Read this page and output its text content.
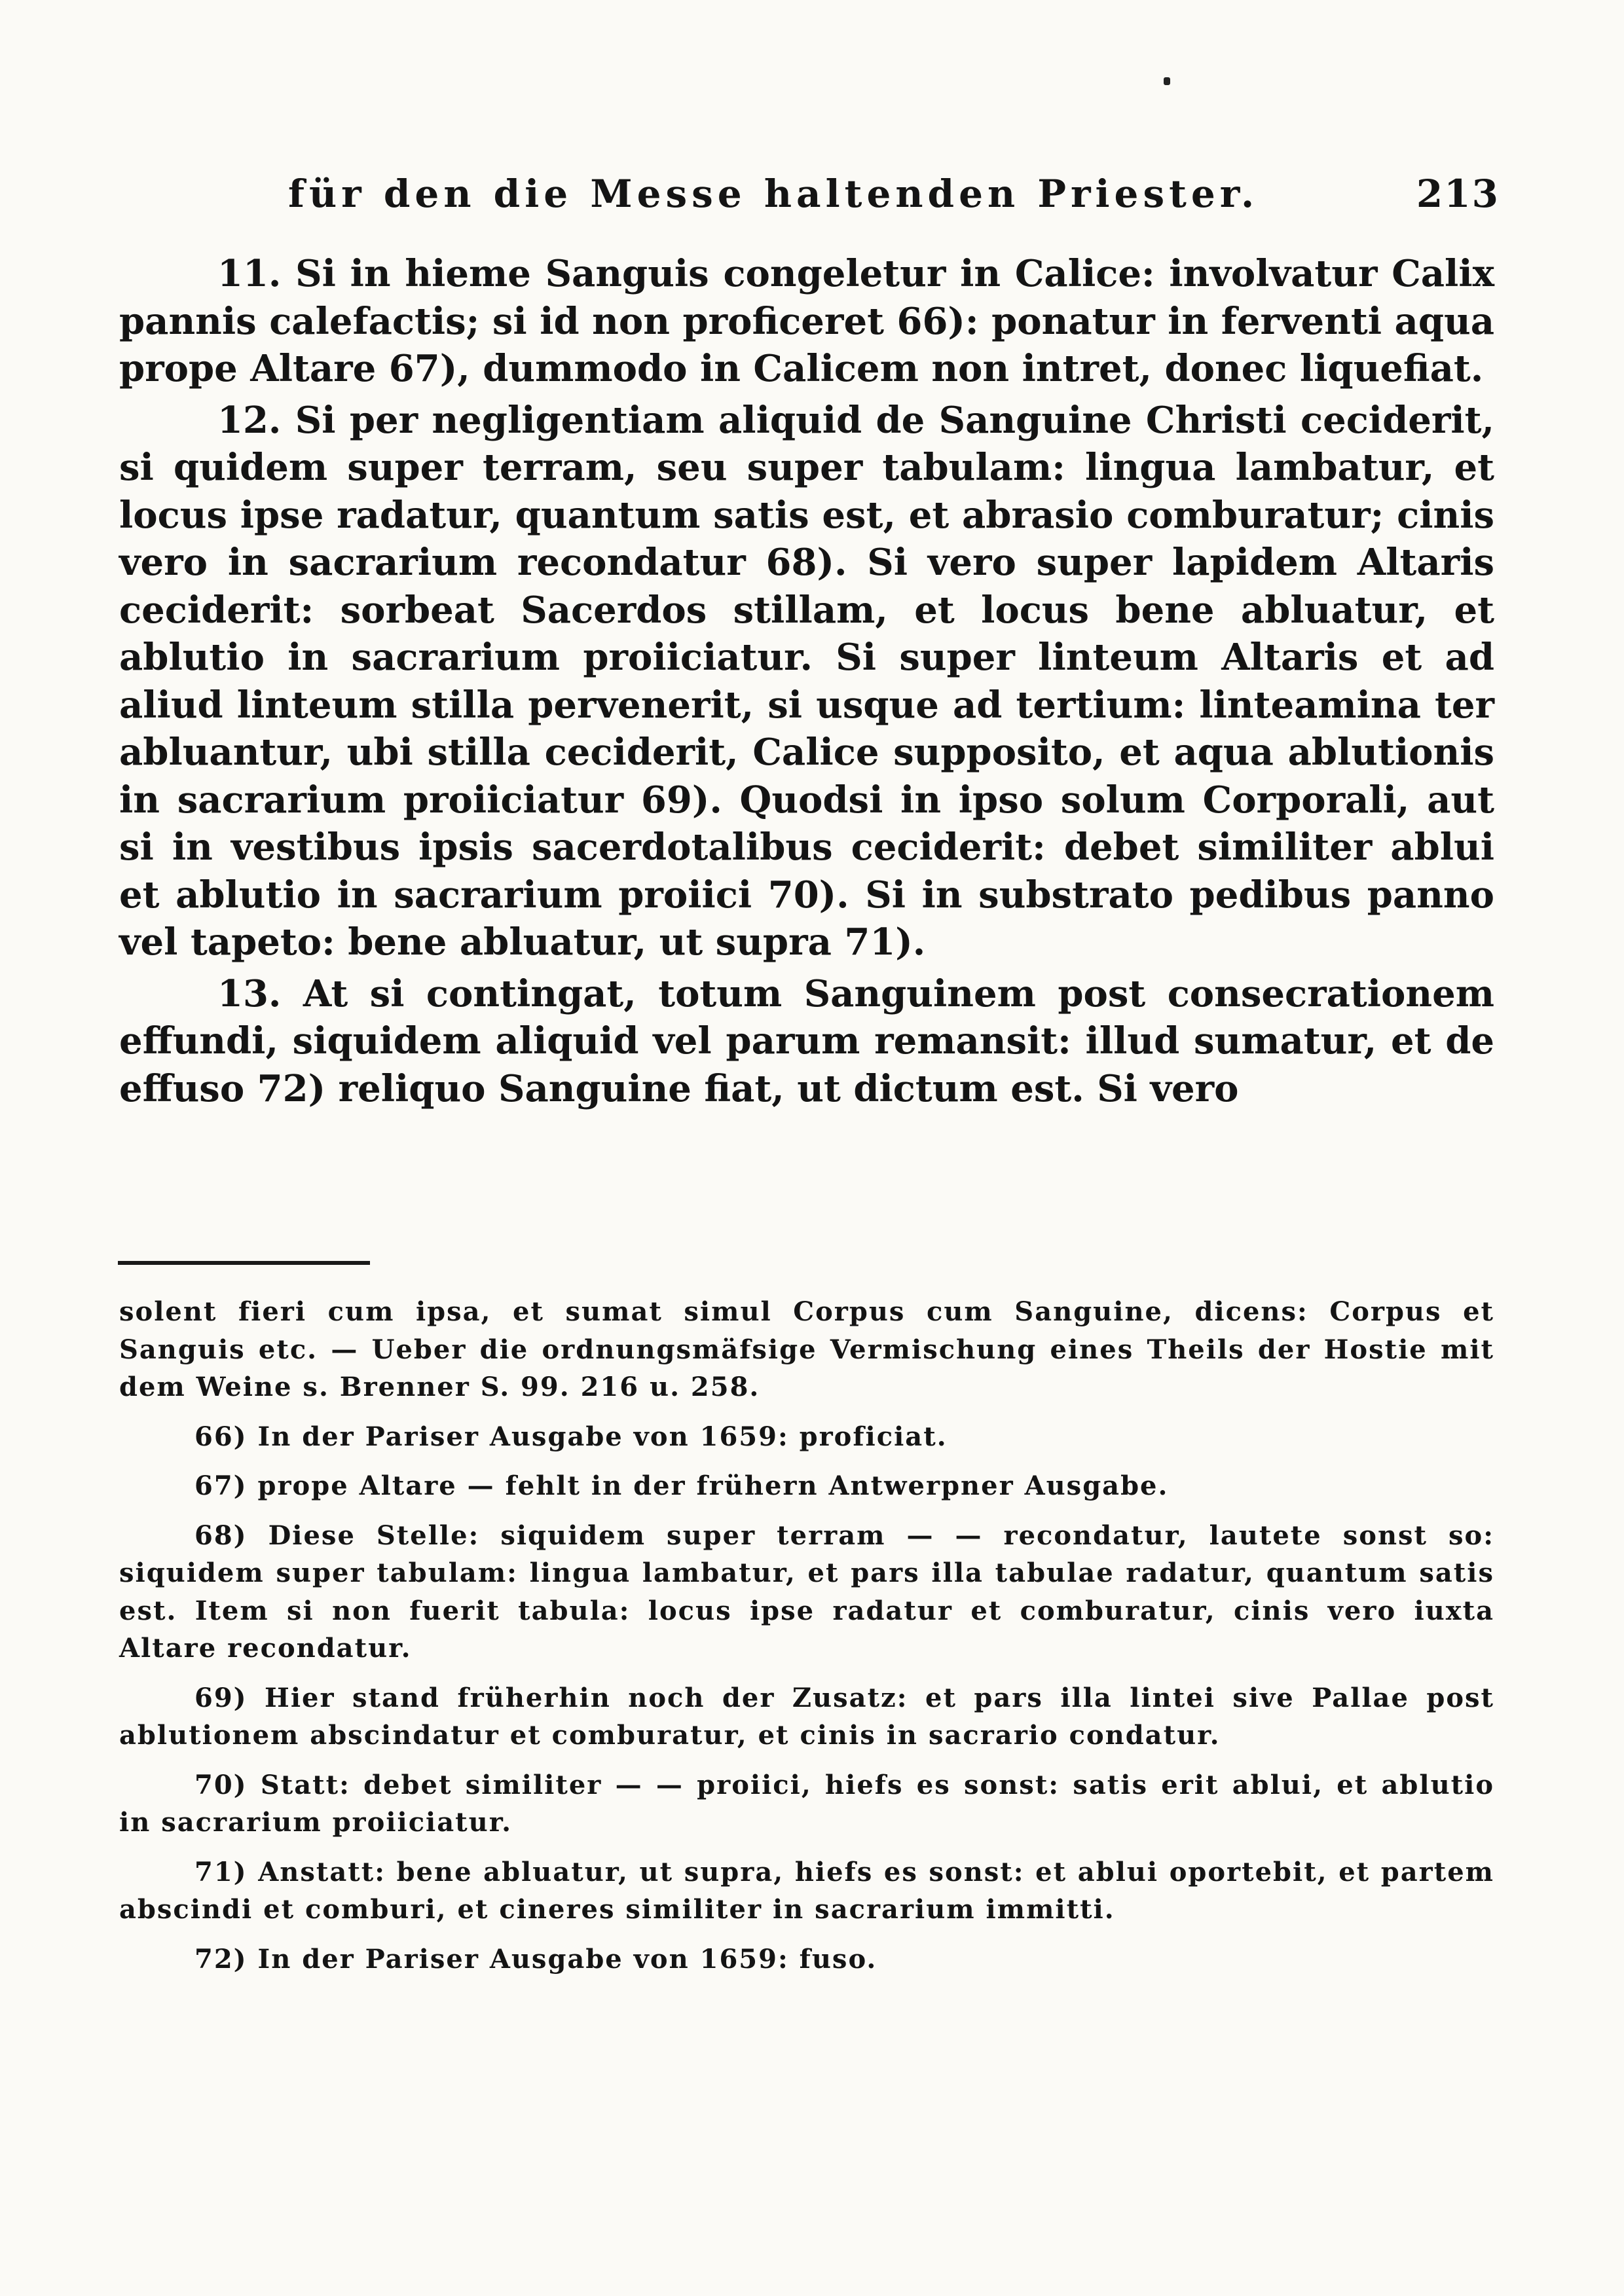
für den die Messe haltenden Priester.	213

11. Si in hieme Sanguis congeletur in Calice: involvatur Calix pannis calefactis; si id non proficeret 66): ponatur in ferventi aqua prope Altare 67), dummodo in Calicem non intret, donec liquefiat.

12. Si per negligentiam aliquid de Sanguine Christi ceciderit, si quidem super terram, seu super tabulam: lingua lambatur, et locus ipse radatur, quantum satis est, et abrasio comburatur; cinis vero in sacrarium recondatur 68). Si vero super lapidem Altaris ceciderit: sorbeat Sacerdos stillam, et locus bene abluatur, et ablutio in sacrarium proiiciatur. Si super linteum Altaris et ad aliud linteum stilla pervenerit, si usque ad tertium: linteamina ter abluantur, ubi stilla ceciderit, Calice supposito, et aqua ablutionis in sacrarium proiiciatur 69). Quodsi in ipso solum Corporali, aut si in vestibus ipsis sacerdotalibus ceciderit: debet similiter ablui et ablutio in sacrarium proiici 70). Si in substrato pedibus panno vel tapeto: bene abluatur, ut supra 71).

13. At si contingat, totum Sanguinem post consecrationem effundi, siquidem aliquid vel parum remansit: illud sumatur, et de effuso 72) reliquo Sanguine fiat, ut dictum est. Si vero

solent fieri cum ipsa, et sumat simul Corpus cum Sanguine, dicens: Corpus et Sanguis etc. — Ueber die ordnungsmäfsige Vermischung eines Theils der Hostie mit dem Weine s. Brenner S. 99. 216 u. 258.

66) In der Pariser Ausgabe von 1659: proficiat.

67) prope Altare — fehlt in der frühern Antwerpner Ausgabe.

68) Diese Stelle: siquidem super terram — — recondatur, lautete sonst so: siquidem super tabulam: lingua lambatur, et pars illa tabulae radatur, quantum satis est. Item si non fuerit tabula: locus ipse radatur et comburatur, cinis vero iuxta Altare recondatur.

69) Hier stand früherhin noch der Zusatz: et pars illa lintei sive Pallae post ablutionem abscindatur et comburatur, et cinis in sacrario condatur.

70) Statt: debet similiter — — proiici, hiefs es sonst: satis erit ablui, et ablutio in sacrarium proiiciatur.

71) Anstatt: bene abluatur, ut supra, hiefs es sonst: et ablui oportebit, et partem abscindi et comburi, et cineres similiter in sacrarium immitti.

72) In der Pariser Ausgabe von 1659: fuso.
